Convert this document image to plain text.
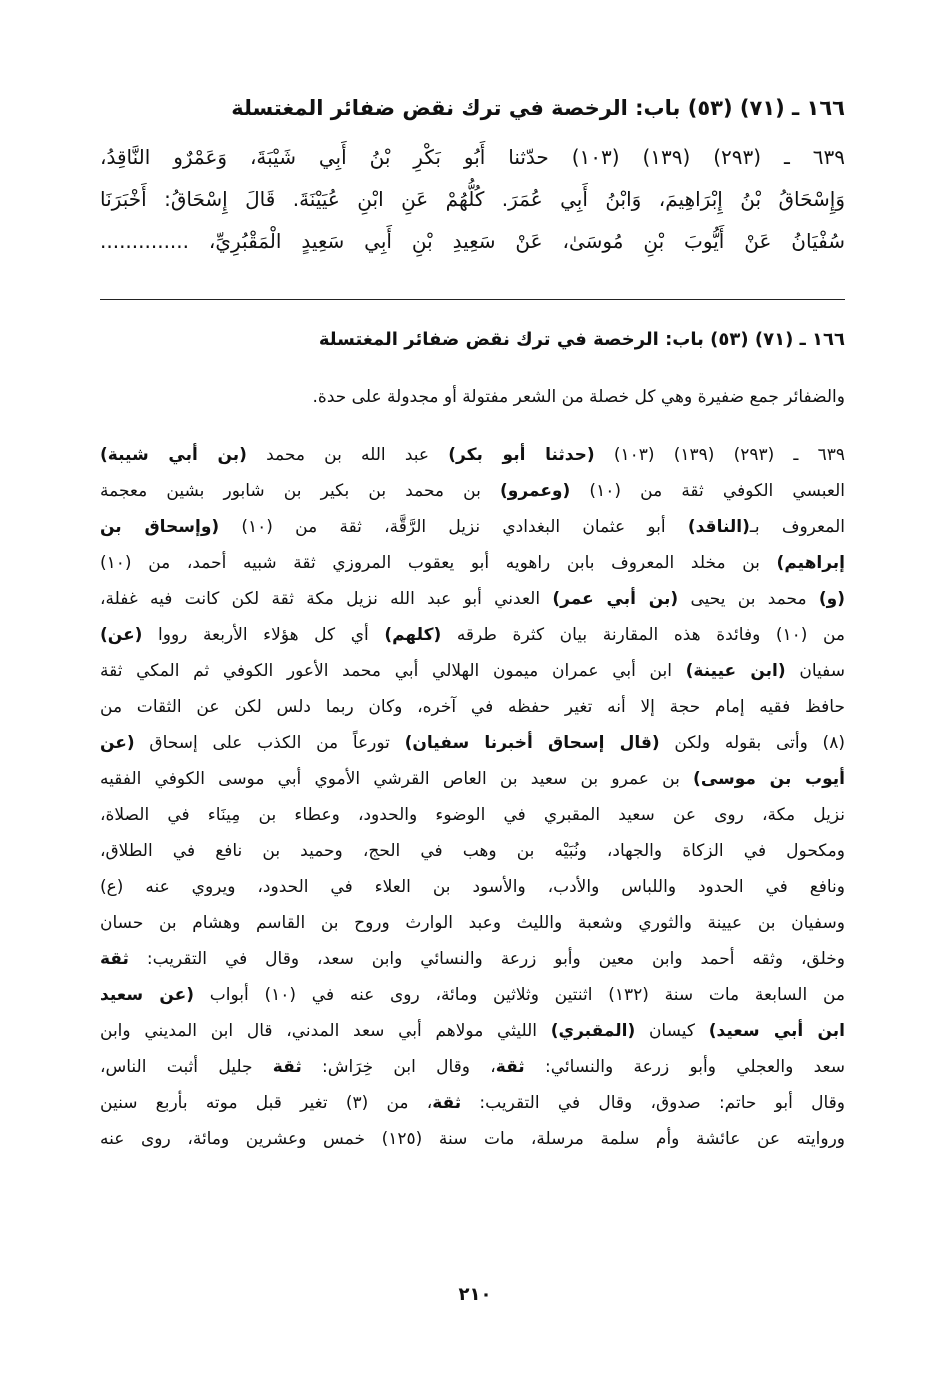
١٦٦ ـ (٧١) (٥٣) باب: الرخصة في ترك نقض ضفائر المغتسلة
٦٣٩ ـ (٢٩٣) (١٣٩) (١٠٣) حدّثنا أَبُو بَكْرِ بْنُ أَبِي شَيْبَةَ، وَعَمْرٌو النَّاقِدُ،
وَإِسْحَاقُ بْنُ إِبْرَاهِيمَ، وَابْنُ أَبِي عُمَرَ. كُلُّهُمْ عَنِ ابْنِ عُيَيْنَةَ. قَالَ إِسْحَاقُ: أَخْبَرَنَا
سُفْيَانُ عَنْ أَيُّوبَ بْنِ مُوسَىٰ، عَنْ سَعِيدِ بْنِ أَبِي سَعِيدٍ الْمَقْبُرِيِّ، ..............
١٦٦ ـ (٧١) (٥٣) باب: الرخصة في ترك نقض ضفائر المغتسلة
والضفائر جمع ضفيرة وهي كل خصلة من الشعر مفتولة أو مجدولة على حدة.
٦٣٩ ـ (٢٩٣) (١٣٩) (١٠٣) (حدثنا أبو بكر) عبد الله بن محمد (بن أبي شيبة)
العبسي الكوفي ثقة من (١٠) (وعمرو) بن محمد بن بكير بن شابور بشين معجمة
المعروف بـ(الناقد) أبو عثمان البغدادي نزيل الرَّقَّة، ثقة من (١٠) (وإسحاق بن
إبراهيم) بن مخلد المعروف بابن راهويه أبو يعقوب المروزي ثقة شبيه أحمد، من (١٠)
(و) محمد بن يحيى (بن أبي عمر) العدني أبو عبد الله نزيل مكة ثقة لكن كانت فيه غفلة،
من (١٠) وفائدة هذه المقارنة بيان كثرة طرقه (كلهم) أي كل هؤلاء الأربعة رووا (عن)
سفيان (ابن عيينة) ابن أبي عمران ميمون الهلالي أبي محمد الأعور الكوفي ثم المكي ثقة
حافظ فقيه إمام حجة إلا أنه تغير حفظه في آخره، وكان ربما دلس لكن عن الثقات من
(٨) وأتى بقوله ولكن (قال إسحاق أخبرنا سفيان) تورعاً من الكذب على إسحاق (عن
أيوب بن موسى) بن عمرو بن سعيد بن العاص القرشي الأموي أبي موسى الكوفي الفقيه
نزيل مكة، روى عن سعيد المقبري في الوضوء والحدود، وعطاء بن مِينَاء في الصلاة،
ومكحول في الزكاة والجهاد، ونُبَيْه بن وهب في الحج، وحميد بن نافع في الطلاق،
ونافع في الحدود واللباس والأدب، والأسود بن العلاء في الحدود، ويروي عنه (ع)
وسفيان بن عيينة والثوري وشعبة والليث وعبد الوارث وروح بن القاسم وهشام بن حسان
وخلق، وثقه أحمد وابن معين وأبو زرعة والنسائي وابن سعد، وقال في التقريب: ثقة
من السابعة مات سنة (١٣٢) اثنتين وثلاثين ومائة، روى عنه في (١٠) أبواب (عن سعيد
ابن أبي سعيد) كيسان (المقبري) الليثي مولاهم أبي سعد المدني، قال ابن المديني وابن
سعد والعجلي وأبو زرعة والنسائي: ثقة، وقال ابن خِرَاش: ثقة جليل أثبت الناس،
وقال أبو حاتم: صدوق، وقال في التقريب: ثقة، من (٣) تغير قبل موته بأربع سنين
وروايته عن عائشة وأم سلمة مرسلة، مات سنة (١٢٥) خمس وعشرين ومائة، روى عنه
٢١٠
